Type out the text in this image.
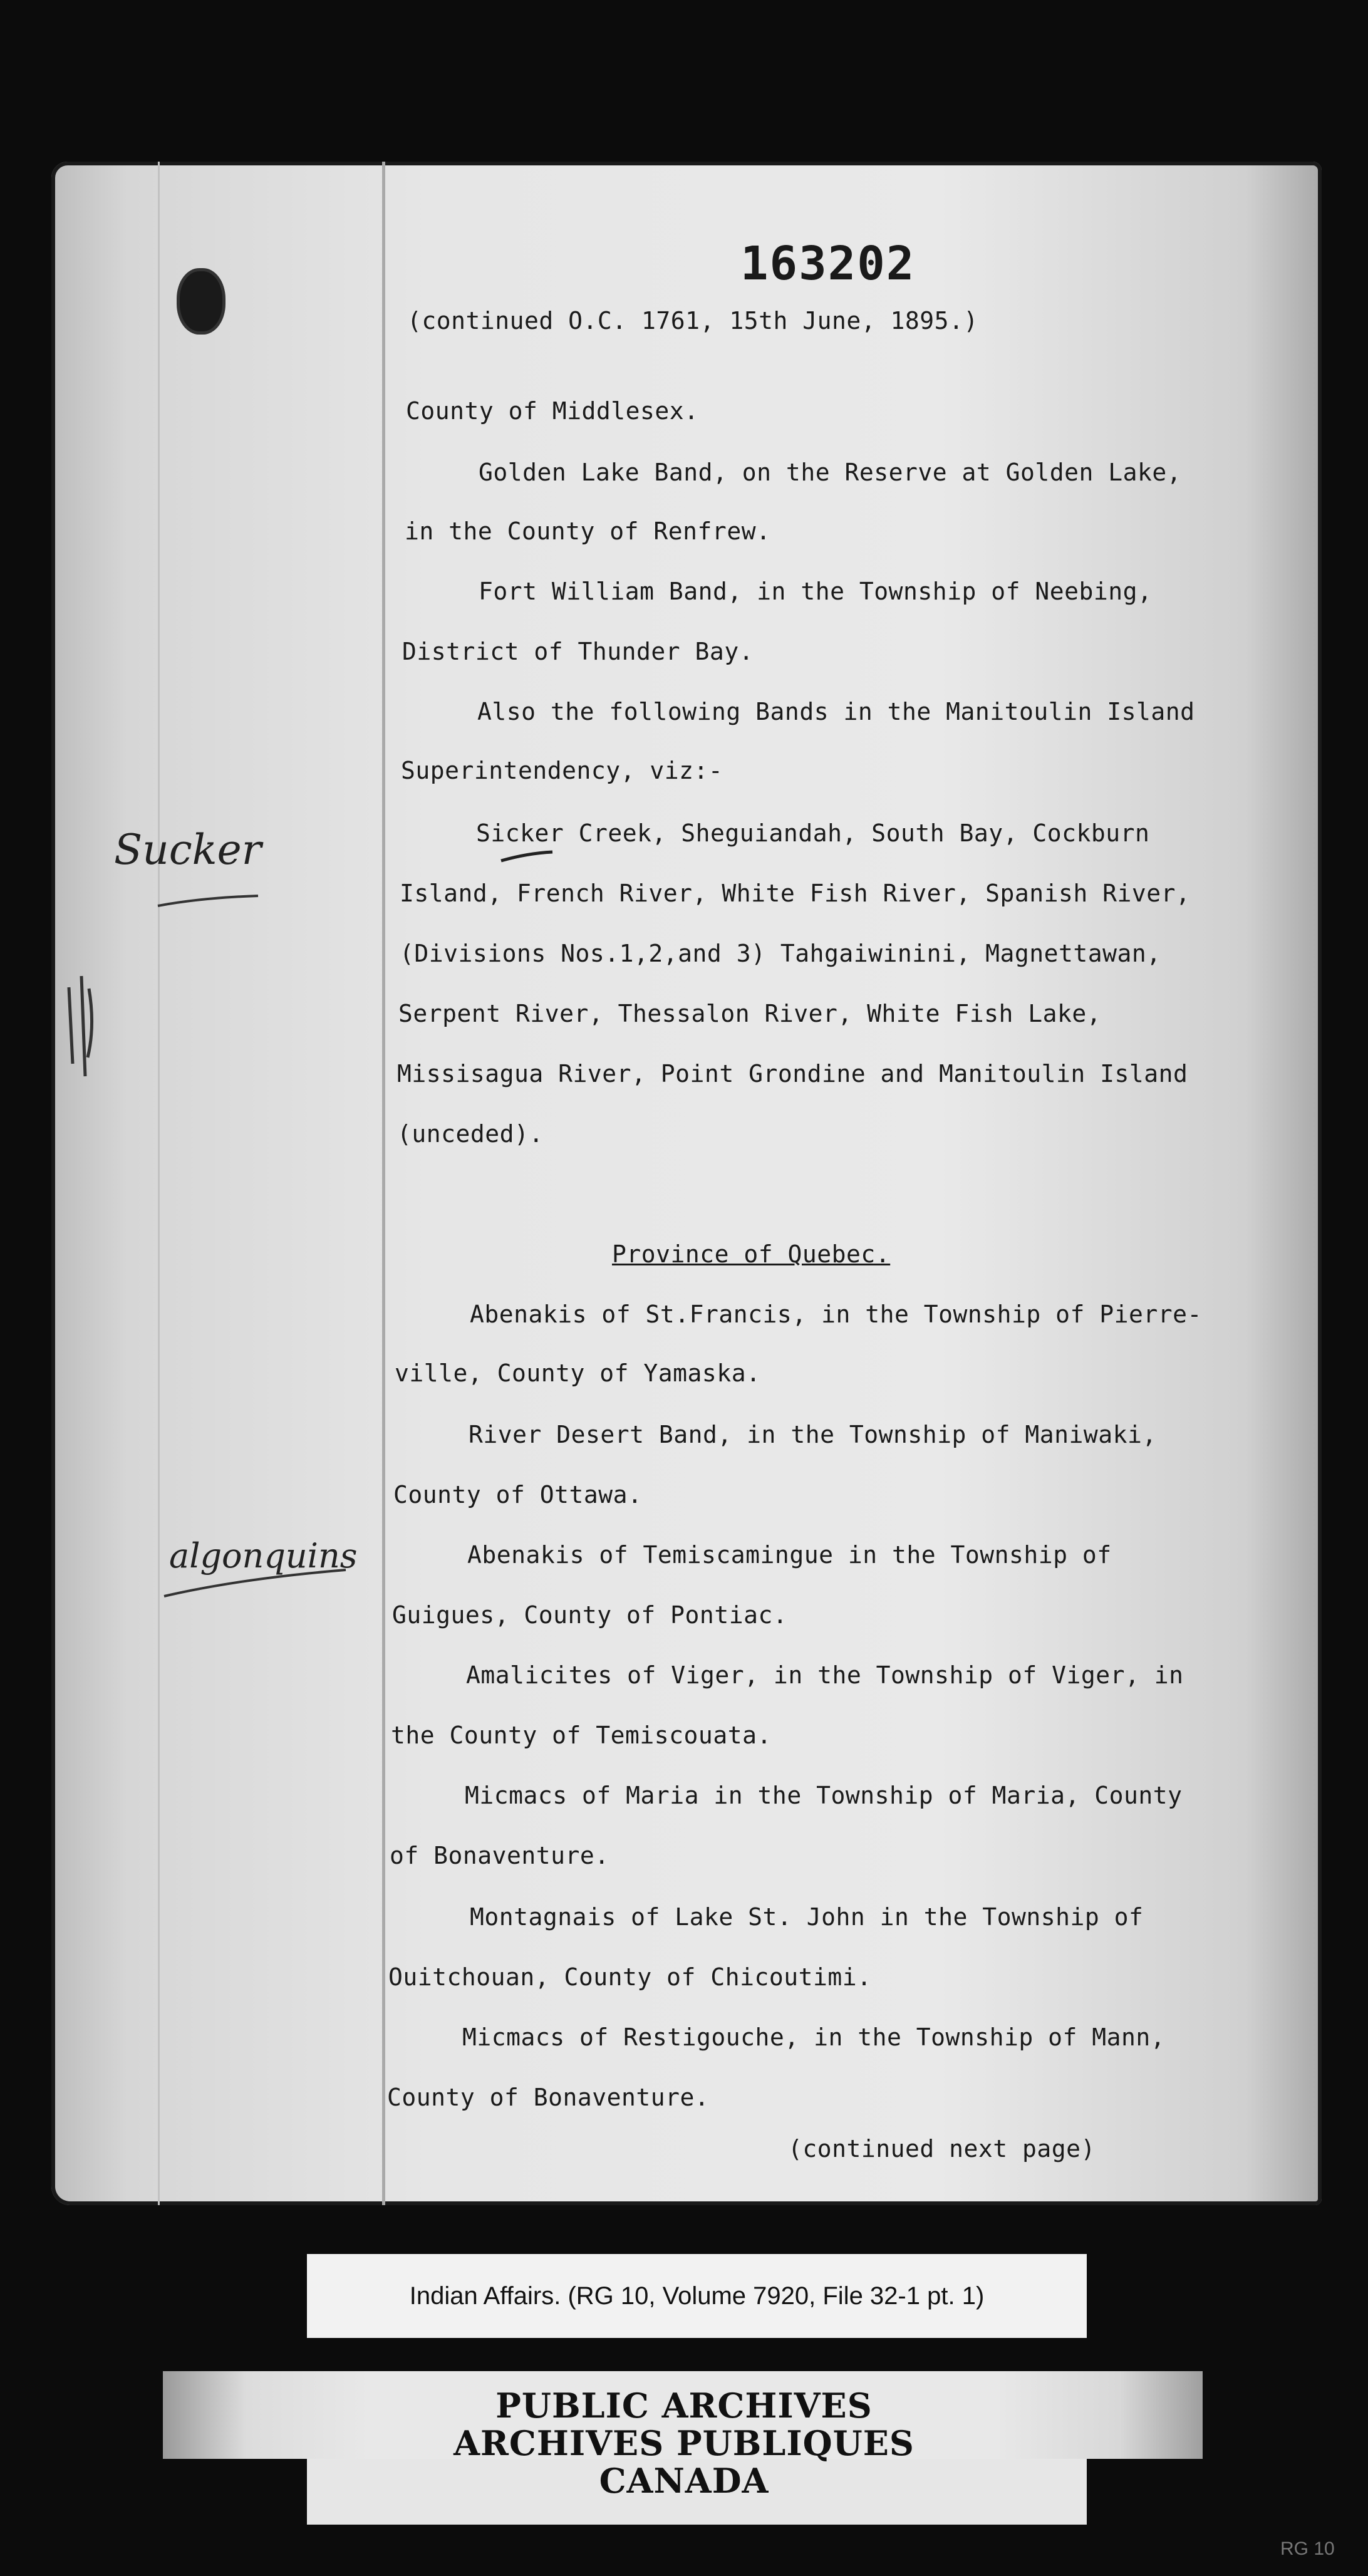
163202
(continued O.C. 1761, 15th June, 1895.)
County of Middlesex.
Golden Lake Band, on the Reserve at Golden Lake,
in the County of Renfrew.
Fort William Band, in the Township of Neebing,
District of Thunder Bay.
Also the following Bands in the Manitoulin Island
Superintendency, viz:-
Sicker Creek, Sheguiandah, South Bay, Cockburn
Island, French River, White Fish River, Spanish River,
(Divisions Nos.1,2,and 3) Tahgaiwinini, Magnettawan,
Serpent River, Thessalon River, White Fish Lake,
Missisagua River, Point Grondine and Manitoulin Island
(unceded).
Province of Quebec.
Abenakis of St.Francis, in the Township of Pierre-
ville, County of Yamaska.
River Desert Band, in the Township of Maniwaki,
County of Ottawa.
Abenakis of Temiscamingue in the Township of
Guigues, County of Pontiac.
Amalicites of Viger, in the Township of Viger, in
the County of Temiscouata.
Micmacs of Maria in the Township of Maria, County
of Bonaventure.
Montagnais of Lake St. John in the Township of
Ouitchouan, County of Chicoutimi.
Micmacs of Restigouche, in the Township of Mann,
County of Bonaventure.
(continued next page)
Sucker
algonquins
Indian Affairs. (RG 10, Volume 7920, File 32-1 pt. 1)
PUBLIC ARCHIVES
ARCHIVES PUBLIQUES
CANADA
RG 10
